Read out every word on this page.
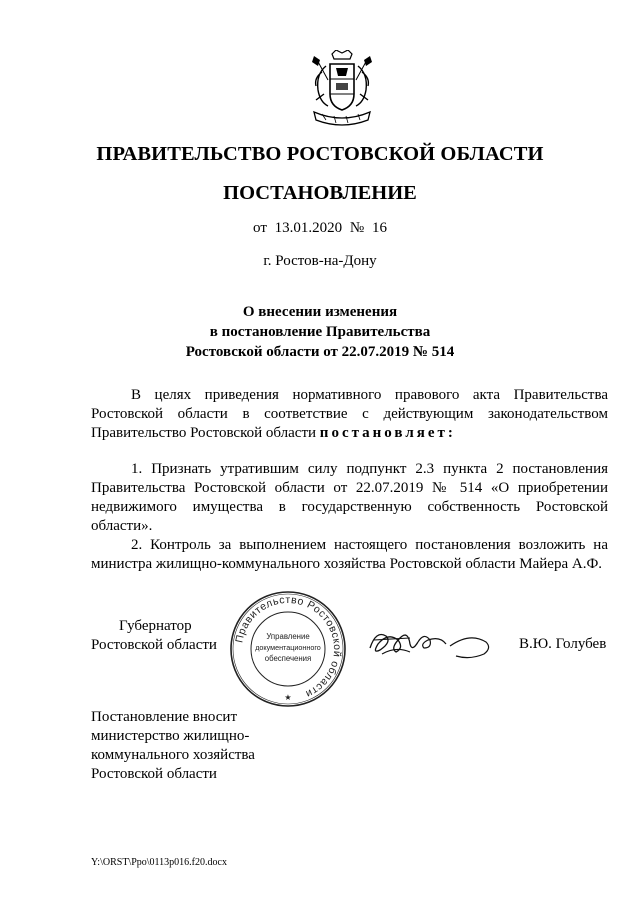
ПРАВИТЕЛЬСТВО РОСТОВСКОЙ ОБЛАСТИ
ПОСТАНОВЛЕНИЕ
от 13.01.2020 № 16
г. Ростов-на-Дону
О внесении изменения
в постановление Правительства
Ростовской области от 22.07.2019 № 514

В целях приведения нормативного правового акта Правительства Ростовской области в соответствие с действующим законодательством Правительство Ростовской области постановляет:

1. Признать утратившим силу подпункт 2.3 пункта 2 постановления Правительства Ростовской области от 22.07.2019 № 514 «О приобретении недвижимого имущества в государственную собственность Ростовской области».

2. Контроль за выполнением настоящего постановления возложить на министра жилищно-коммунального хозяйства Ростовской области Майера А.Ф.

Губернатор
Ростовской области Правительство Ростовской области
Управление
документационного
обеспечения
★
В.Ю. Голубев
Постановление вносит
министерство жилищно-
коммунального хозяйства
Ростовской области
Y:\ORST\Ppo\0113p016.f20.docx
